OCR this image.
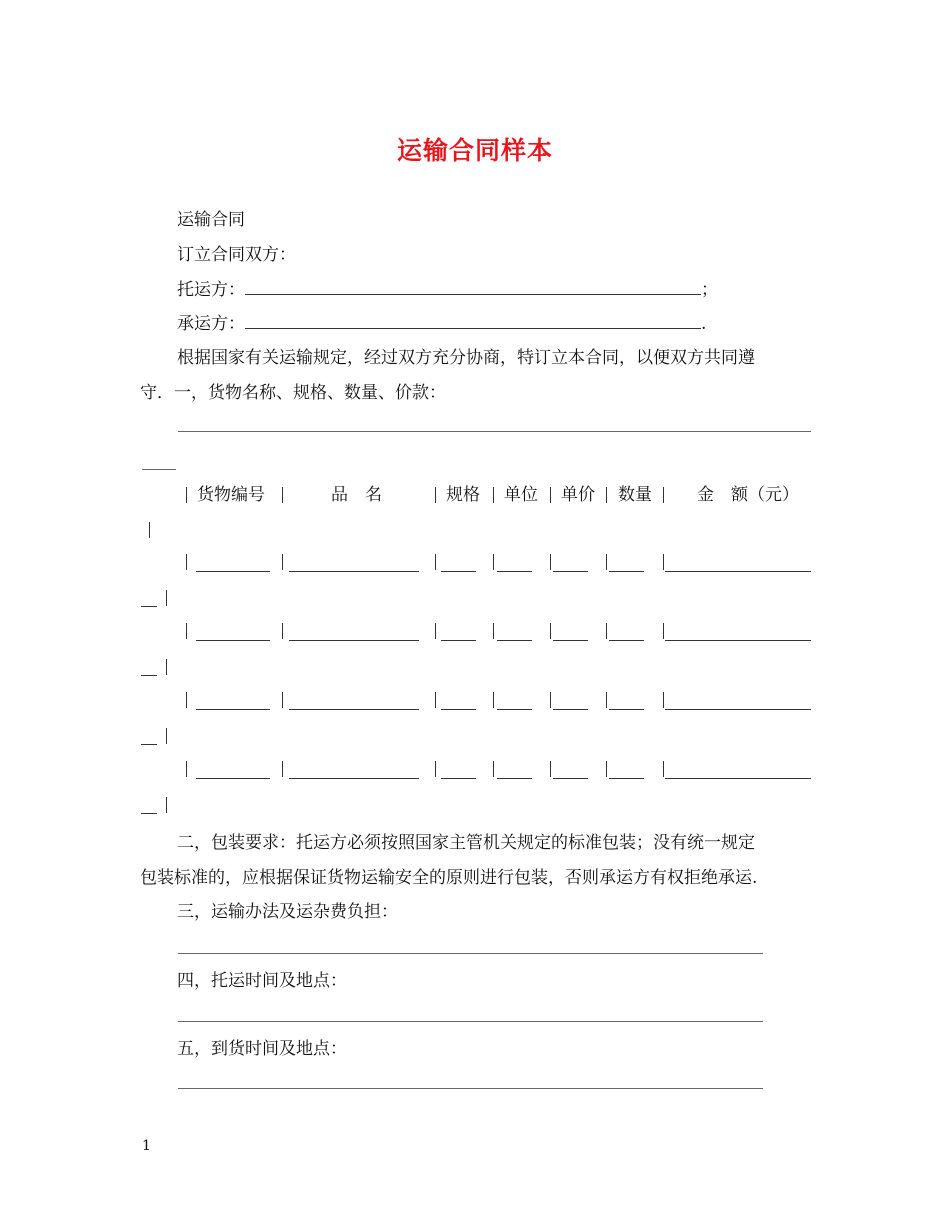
运输合同样本
运输合同
订立合同双方：
托运方：	；
承运方：	.
根据国家有关运输规定，经过双方充分协商，特订立本合同，以便双方共同遵
守．一，货物名称、规格、数量、价款：
货物编号	品　名	规格 单位 单价 数量	金　额（元）
二，包装要求：托运方必须按照国家主管机关规定的标准包装；没有统一规定
包装标准的，应根据保证货物运输安全的原则进行包装，否则承运方有权拒绝承运.
三，运输办法及运杂费负担：
四，托运时间及地点：
五，到货时间及地点：
1
